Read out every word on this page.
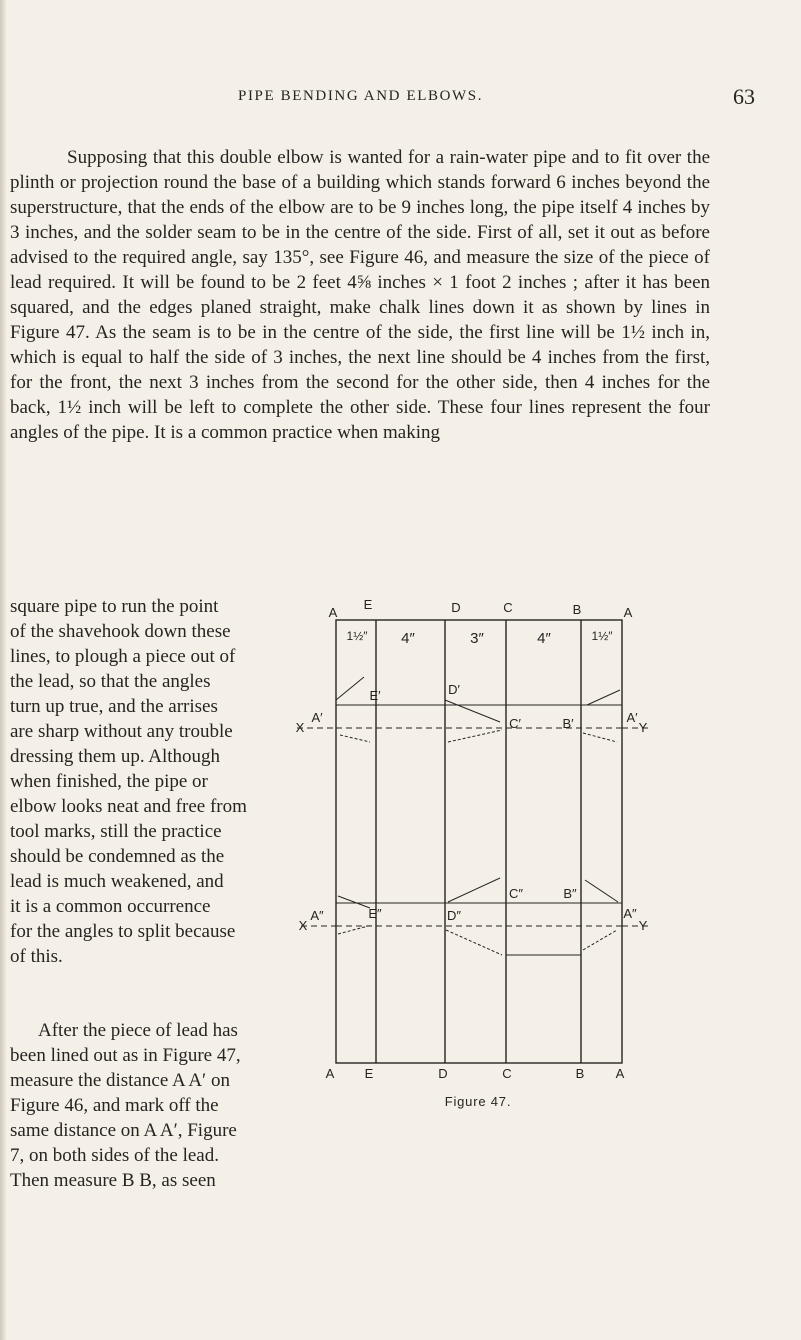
PIPE BENDING AND ELBOWS.	63

Supposing that this double elbow is wanted for a rain-water pipe and to fit over the plinth or projection round the base of a building which stands forward 6 inches beyond the superstructure, that the ends of the elbow are to be 9 inches long, the pipe itself 4 inches by 3 inches, and the solder seam to be in the centre of the side. First of all, set it out as before advised to the required angle, say 135°, see Figure 46, and measure the size of the piece of lead required. It will be found to be 2 feet 4⅝ inches × 1 foot 2 inches ; after it has been squared, and the edges planed straight, make chalk lines down it as shown by lines in Figure 47. As the seam is to be in the centre of the side, the first line will be 1½ inch in, which is equal to half the side of 3 inches, the next line should be 4 inches from the first, for the front, the next 3 inches from the second for the other side, then 4 inches for the back, 1½ inch will be left to complete the other side. These four lines represent the four angles of the pipe. It is a common practice when making

square pipe to run the point
of the shavehook down these
lines, to plough a piece out of
the lead, so that the angles
turn up true, and the arrises
are sharp without any trouble
dressing them up. Although
when finished, the pipe or
elbow looks neat and free from
tool marks, still the practice
should be condemned as the
lead is much weakened, and
it is a common occurrence
for the angles to split because
of this.
After the piece of lead has
been lined out as in Figure 47,
measure the distance A A′ on
Figure 46, and mark off the
same distance on A A′, Figure
7, on both sides of the lead.
Then measure B B, as seen
A
E	D	C	B	A
A E	D	C	B A
1½″ 4″	3″	4″	1½″
A′
E′	D′
C′	B′	A′
A″	E″	D″
C″	B″
A″
X
X
Y
Y
Figure 47.
